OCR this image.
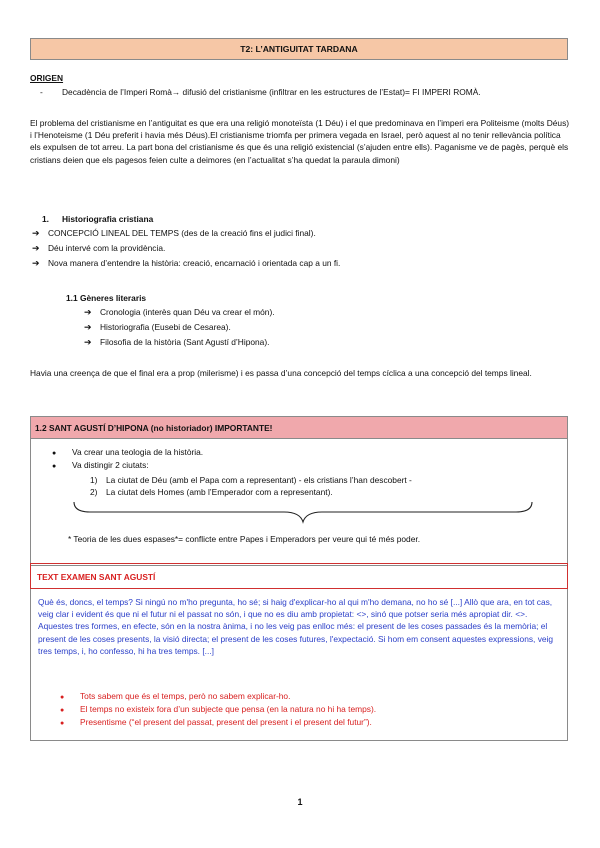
T2: L’ANTIGUITAT TARDANA
ORIGEN
- Decadència de l’Imperi Romà→ difusió del cristianisme (infiltrar en les estructures de l’Estat)= FI IMPERI ROMÀ.
El problema del cristianisme en l’antiguitat es que era una religió monoteïsta (1 Déu) i el que predominava en l’imperi era Politeisme (molts Déus) i l’Henoteisme (1 Déu preferit i havia més Déus).El cristianisme triomfa per primera vegada en Israel, però aquest al no tenir rellevància política els expulsen de tot arreu. La part bona del cristianisme és que és una religió existencial (s’ajuden entre ells). Paganisme ve de pagès, perquè els cristians deien que els pagesos feien culte a deimores (en l’actualitat s’ha quedat la paraula dimoni)
1. Historiografia cristiana
➔ CONCEPCIÓ LINEAL DEL TEMPS (des de la creació fins el judici final).
➔ Déu intervé com la providència.
➔ Nova manera d’entendre la història: creació, encarnació i orientada cap a un fi.
1.1 Gèneres literaris
➔ Cronologia (interès quan Déu va crear el món).
➔ Historiografia (Eusebi de Cesarea).
➔ Filosofia de la història (Sant Agustí d’Hipona).
Havia una creença de que el final era a prop (milerisme) i es passa d’una concepció del temps cíclica a una concepció del temps lineal.
1.2 SANT AGUSTÍ D’HIPONA (no historiador) IMPORTANTE!
● Va crear una teologia de la història.
● Va distingir 2 ciutats:
1) La ciutat de Déu (amb el Papa com a representant) - els cristians l’han descobert -
2) La ciutat dels Homes (amb l’Emperador com a representant).
* Teoria de les dues espases*= conflicte entre Papes i Emperadors per veure qui té més poder.
TEXT EXAMEN SANT AGUSTÍ
Què és, doncs, el temps? Si ningú no m'ho pregunta, ho sé; si haig d'explicar-ho al qui m'ho demana, no ho sé [...] Allò que ara, en tot cas, veig clar i evident és que ni el futur ni el passat no són, i que no es diu amb propietat: <>, sinó que potser seria més apropiat dir. <>. Aquestes tres formes, en efecte, són en la nostra ànima, i no les veig pas enlloc més: el present de les coses passades és la memòria; el present de les coses presents, la visió directa; el present de les coses futures, l'expectació. Si hom em consent aquestes expressions, veig tres temps, i, ho confesso, hi ha tres temps. [...]
● Tots sabem que és el temps, però no sabem explicar-ho.
● El temps no existeix fora d’un subjecte que pensa (en la natura no hi ha temps).
● Presentisme (“el present del passat, present del present i el present del futur”).
1
